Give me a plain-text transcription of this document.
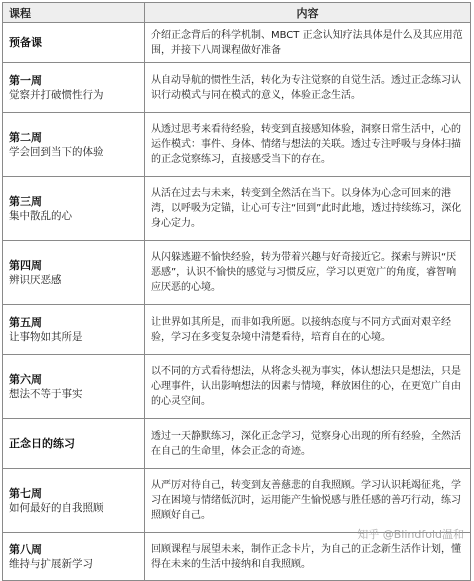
课程	内容

预备课	介绍正念背后的科学机制、MBCT 正念认知疗法具体是什么及其应用范围，并接下八周课程做好准备

第一周
觉察并打破惯性行为	从自动导航的惯性生活，转化为专注觉察的自觉生活。透过正念练习认识行动模式与同在模式的意义，体验正念生活。

第二周
学会回到当下的体验	从透过思考来看待经验，转变到直接感知体验，洞察日常生活中，心的运作模式：事件、身体、情绪与想法的关联。透过专注呼吸与身体扫描的正念觉察练习，直接感受当下的存在。

第三周
集中散乱的心	从活在过去与未来，转变到全然活在当下。以身体为心念可回来的港湾，以呼吸为定锚，让心可专注“回到”此时此地，透过持续练习，深化身心定力。

第四周
辨识厌恶感	从闪躲逃避不愉快经验，转为带着兴趣与好奇接近它。探索与辨识“厌恶感”，认识不愉快的感觉与习惯反应，学习以更宽广的角度，睿智响应厌恶的心境。

第五周
让事物如其所是	让世界如其所是，而非如我所愿。以接纳态度与不同方式面对艰辛经验，学习在多变复杂境中清楚看待，培育自在的心境。

第六周
想法不等于事实	以不同的方式看待想法，从将念头视为事实，体认想法只是想法，只是心理事件，认出影响想法的因素与情境，释放困住的心，在更宽广自由的心灵空间。

正念日的练习	透过一天静默练习，深化正念学习，觉察身心出现的所有经验，全然活在自己的生命里，体会正念的奇迹。

第七周
如何最好的自我照顾	从严厉对待自己，转变到友善慈悲的自我照顾。学习认识耗竭征兆，学习在困境与情绪低沉时，运用能产生愉悦感与胜任感的善巧行动，练习照顾好自己。

第八周
维持与扩展新学习	回顾课程与展望未来，制作正念卡片，为自己的正念新生活作计划，懂得在未来的生活中接纳和自我照顾。
知乎 @Blindfold温和
